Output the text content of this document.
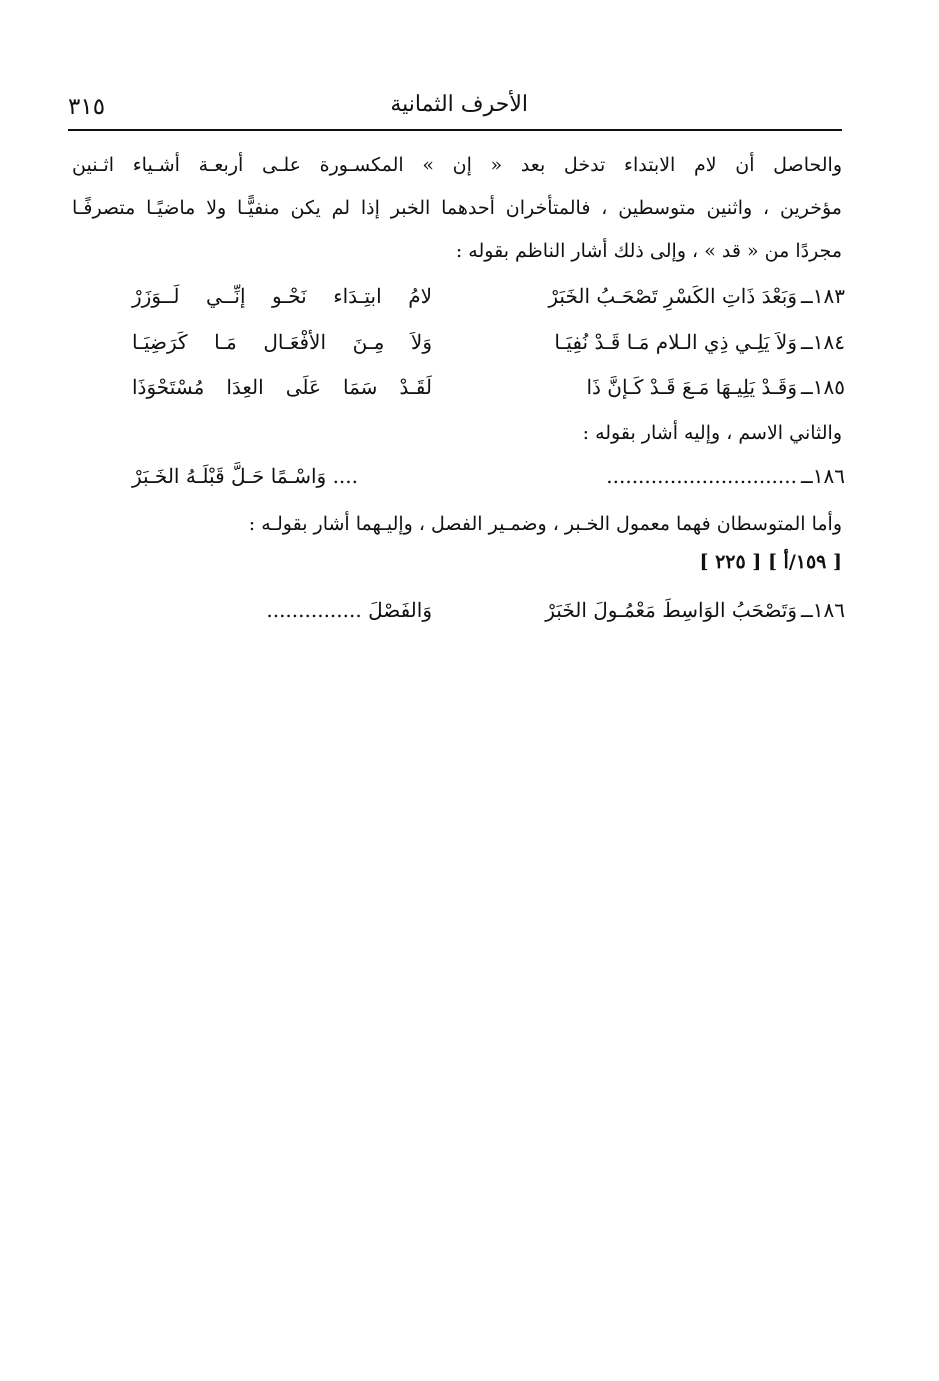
الأحرف الثمانية
٣١٥
والحاصل أن لام الابتداء تدخل بعد « إن » المكسـورة علـى أربعـة أشـياء اثـنين
مؤخرين ، واثنين متوسطين ، فالمتأخران أحدهما الخبر إذا لم يكن منفيًّـا ولا ماضيًـا متصرفًـا
مجردًا من « قد » ، وإلى ذلك أشار الناظم بقوله :
١٨٣ــ
وَبَعْدَ ذَاتِ الكَسْرِ تَصْحَـبُ الخَبَرْ
لامُ ابتِـدَاء نَحْـو إنِّــي لَــوَزَرْ
١٨٤ــ
وَلاَ يَلِـي ذِي الـلام مَـا قَـدْ نُفِيَـا
وَلاَ مِـنَ الأفْعَـال مَـا كَرَضِيَـا
١٨٥ــ
وَقَـدْ يَلِيـهَا مَـعَ قَـدْ كَـإنَّ ذَا
لَقَـدْ سَمَا عَلَى العِدَا مُسْتَحْوَذَا
والثاني الاسم ، وإليه أشار بقوله :
١٨٦ــ
..............................
.... وَاسْـمًا حَـلَّ قَبْلَـهُ الخَـبَرْ
وأما المتوسطان فهما معمول الخـبر ، وضمـير الفصل ، وإليـهما أشار بقولـه :
[ ١٥٩/أ ] [ ٢٢٥ ]
١٨٦ــ
وَتَصْحَبُ الوَاسِطَ مَعْمُـولَ الخَبَرْ
وَالفَصْلَ ...............
